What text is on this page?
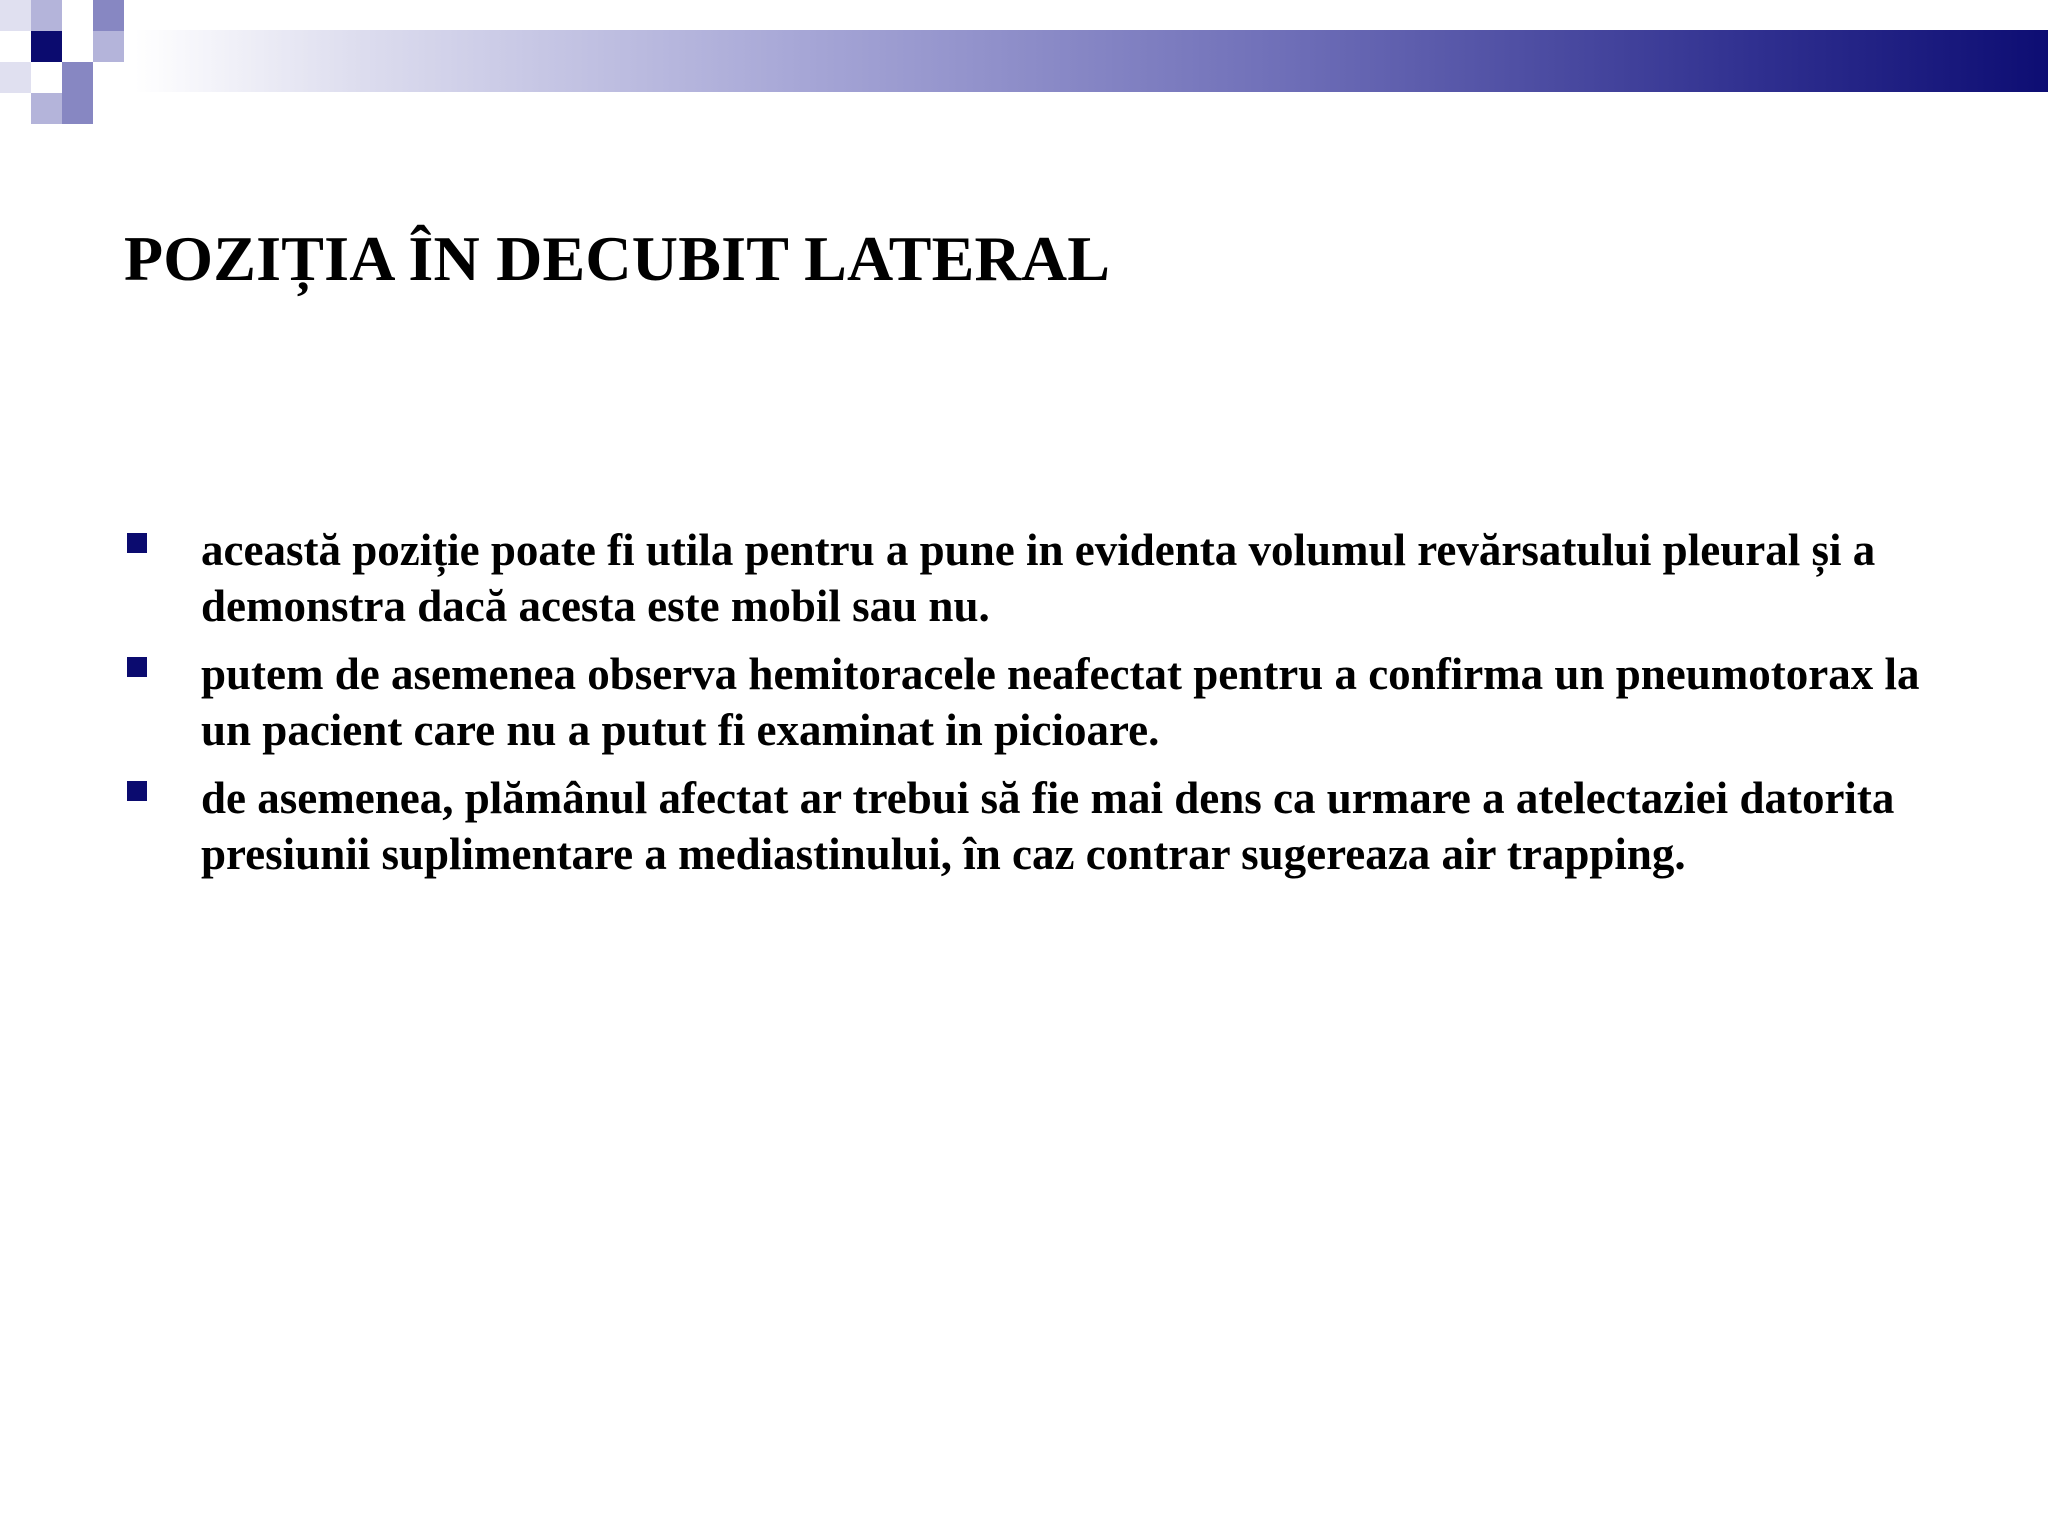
POZIȚIA ÎN DECUBIT LATERAL
această poziție poate fi utila pentru a pune in evidenta volumul revărsatului pleural și a demonstra dacă acesta este mobil sau nu.
putem de asemenea observa hemitoracele neafectat pentru a confirma un pneumotorax la un pacient care nu a putut fi examinat in picioare.
de asemenea, plămânul afectat ar trebui să fie mai dens ca urmare a atelectaziei datorita presiunii suplimentare a mediastinului, în caz contrar sugereaza air trapping.
